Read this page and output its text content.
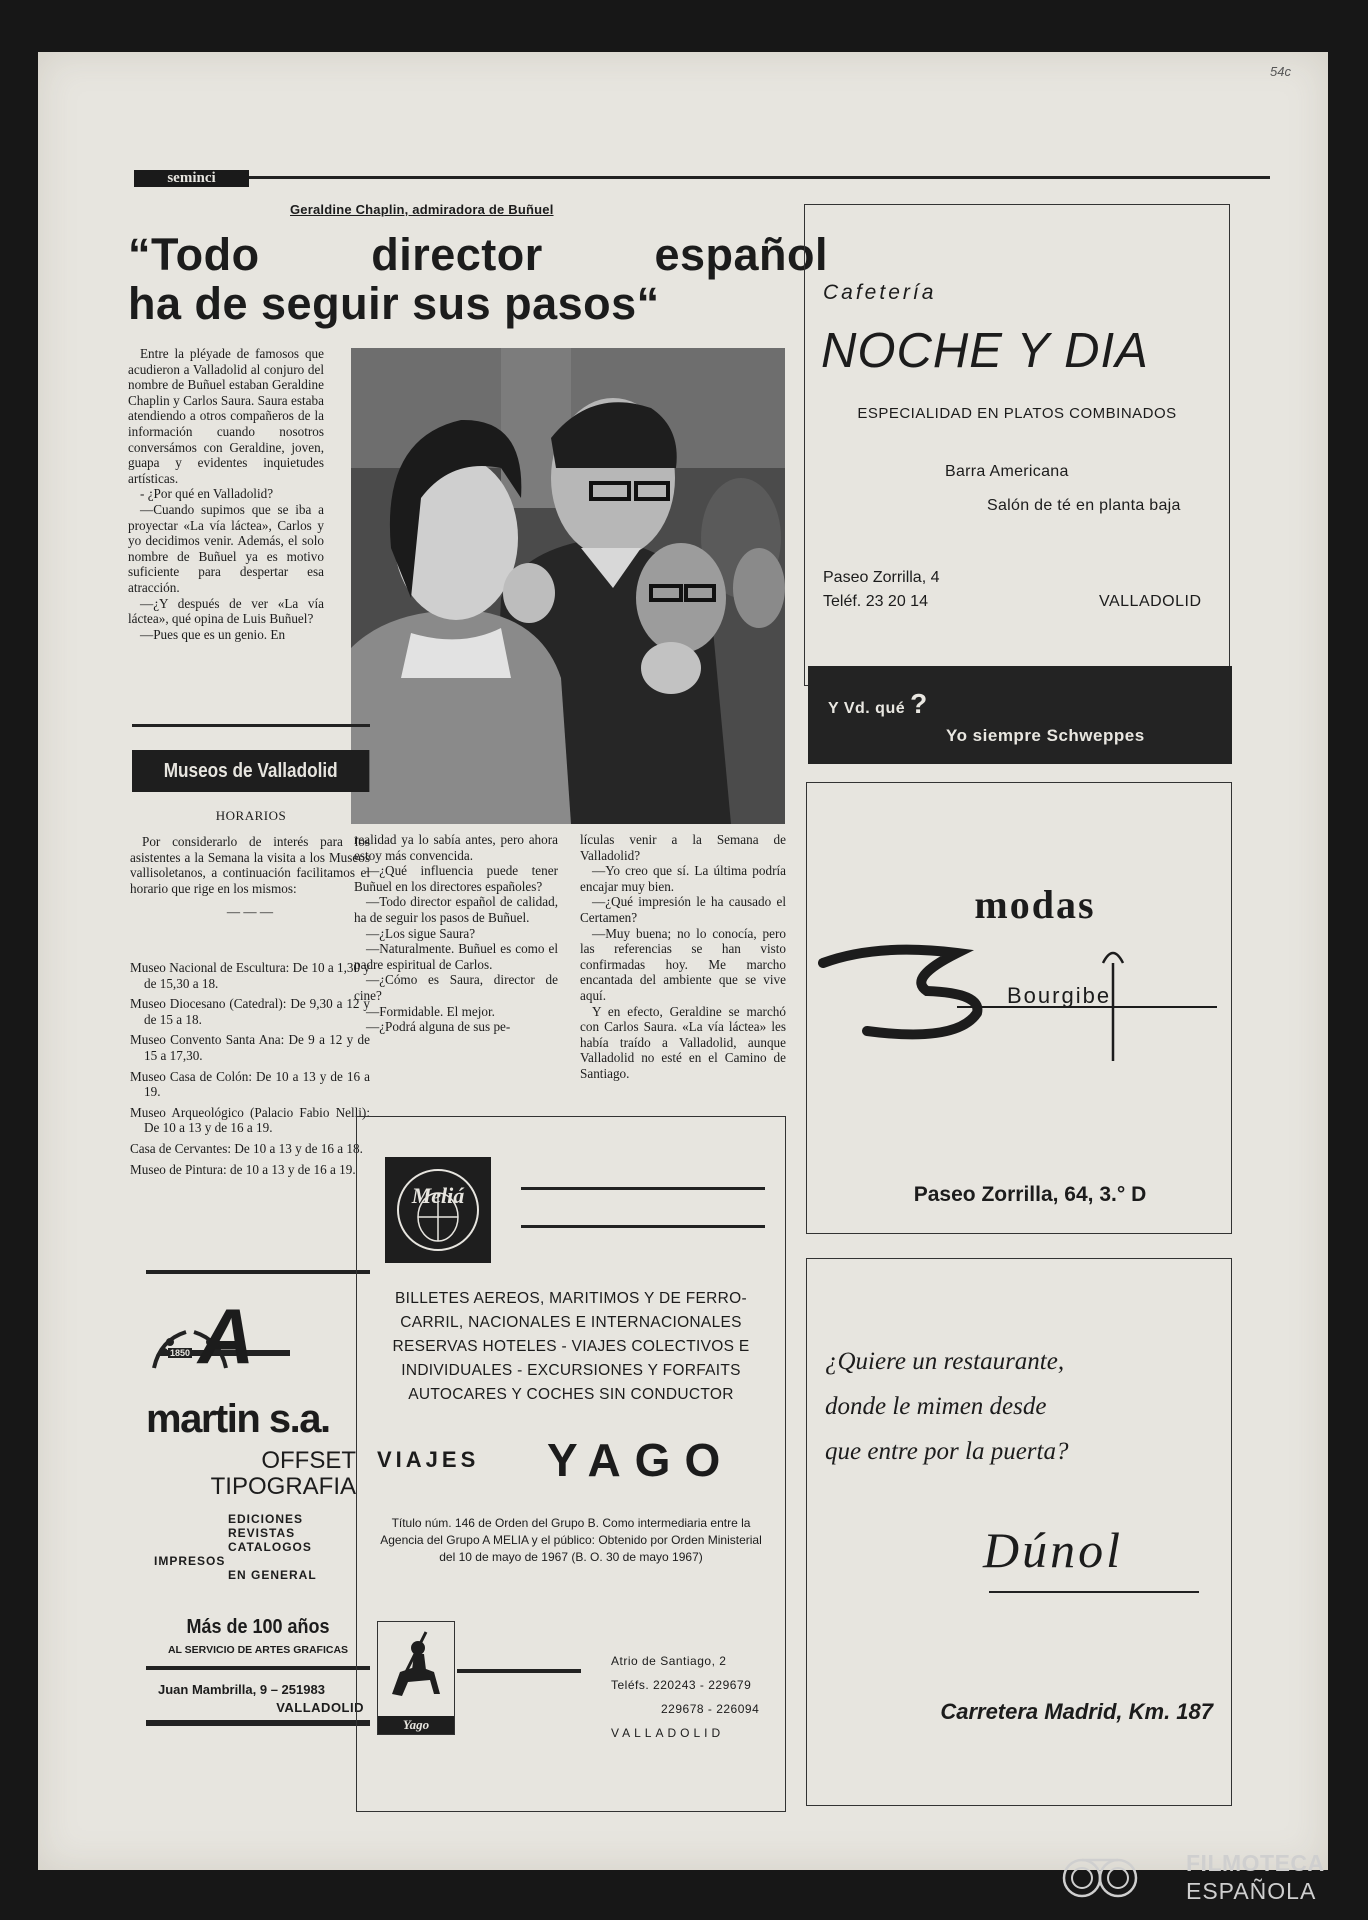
54c
seminci
Geraldine Chaplin, admiradora de Buñuel
“Todo director español
ha de seguir sus pasos“

Entre la pléyade de famosos que acudieron a Valladolid al conjuro del nombre de Buñuel estaban Geraldine Chaplin y Carlos Saura. Saura estaba atendiendo a otros compañeros de la información cuando nosotros conversámos con Geraldine, joven, guapa y evidentes inquietudes artísticas.

- ¿Por qué en Valladolid?

—Cuando supimos que se iba a proyectar «La vía láctea», Carlos y yo decidimos venir. Además, el solo nombre de Buñuel ya es motivo suficiente para despertar esa atracción.

—¿Y después de ver «La vía láctea», qué opina de Luis Buñuel?

—Pues que es un genio. En

realidad ya lo sabía antes, pero ahora estoy más convencida.

—¿Qué influencia puede tener Buñuel en los directores españoles?

—Todo director español de calidad, ha de seguir los pasos de Buñuel.

—¿Los sigue Saura?

—Naturalmente. Buñuel es como el padre espiritual de Carlos.

—¿Cómo es Saura, director de cine?

—Formidable. El mejor.

—¿Podrá alguna de sus pe-

lículas venir a la Semana de Valladolid?

—Yo creo que sí. La última podría encajar muy bien.

—¿Qué impresión le ha causado el Certamen?

—Muy buena; no lo conocía, pero las referencias se han visto confirmadas hoy. Me marcho encantada del ambiente que se vive aquí.

Y en efecto, Geraldine se marchó con Carlos Saura. «La vía láctea» les había traído a Valladolid, aunque Valladolid no esté en el Camino de Santiago.

Museos de Valladolid
HORARIOS

Por considerarlo de interés para los asistentes a la Semana la visita a los Museos vallisoletanos, a continuación facilitamos el horario que rige en los mismos:

— — —

Museo Nacional de Escultura: De 10 a 1,30 y de 15,30 a 18.

Museo Diocesano (Catedral): De 9,30 a 12 y de 15 a 18.

Museo Convento Santa Ana: De 9 a 12 y de 15 a 17,30.

Museo Casa de Colón: De 10 a 13 y de 16 a 19.

Museo Arqueológico (Palacio Fabio Nelli): De 10 a 13 y de 16 a 19.

Casa de Cervantes: De 10 a 13 y de 16 a 18.

Museo de Pintura: de 10 a 13 y de 16 a 19.

A
1850
martin s.a.
OFFSET
TIPOGRAFIA
EDICIONES
REVISTAS
CATALOGOS
IMPRESOS
EN GENERAL
Más de 100 años
AL SERVICIO DE ARTES GRAFICAS
Juan Mambrilla, 9 – 251983
VALLADOLID
Meliá
BILLETES AEREOS, MARITIMOS Y DE FERRO-
CARRIL, NACIONALES E INTERNACIONALES
RESERVAS HOTELES - VIAJES COLECTIVOS E
INDIVIDUALES - EXCURSIONES Y FORFAITS
AUTOCARES Y COCHES SIN CONDUCTOR
VIAJES YAGO
Título núm. 146 de Orden del Grupo B. Como intermediaria entre la Agencia del Grupo A MELIA y el público: Obtenido por Orden Ministerial del 10 de mayo de 1967 (B. O. 30 de mayo 1967)
Yago
Atrio de Santiago, 2
Teléfs. 220243 - 229679
229678 - 226094
VALLADOLID
Cafetería
NOCHE Y DIA
ESPECIALIDAD EN PLATOS COMBINADOS
Barra Americana
Salón de té en planta baja
Paseo Zorrilla, 4
Teléf. 23 20 14	VALLADOLID
Y Vd. qué ?
Yo siempre Schweppes
modas
Bourgibe
Paseo Zorrilla, 64, 3.° D
¿Quiere un restaurante,
donde le mimen desde
que entre por la puerta?
Dúnol
Carretera Madrid, Km. 187
FILMOTECA
ESPAÑOLA
